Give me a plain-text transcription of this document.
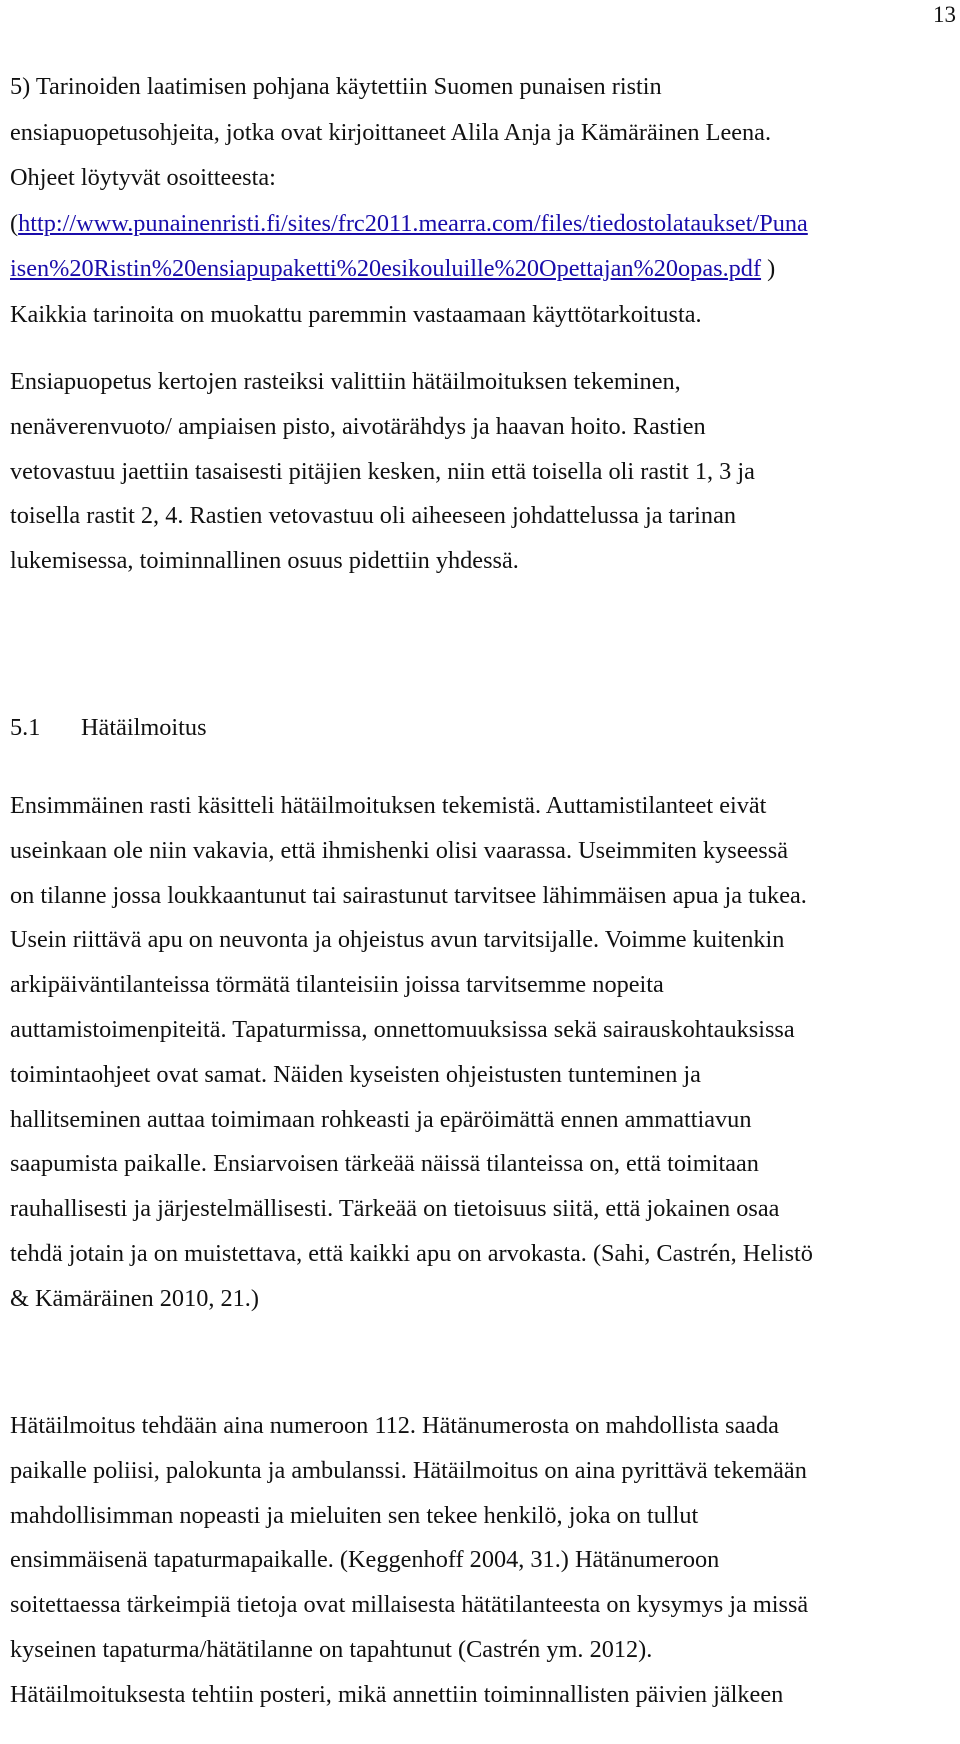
13

5) Tarinoiden laatimisen pohjana käytettiin Suomen punaisen ristin
ensiapuopetusohjeita, jotka ovat kirjoittaneet Alila Anja ja Kämäräinen Leena.
Ohjeet löytyvät osoitteesta:
(http://www.punainenristi.fi/sites/frc2011.mearra.com/files/tiedostolataukset/Puna
isen%20Ristin%20ensiapupaketti%20esikouluille%20Opettajan%20opas.pdf )
Kaikkia tarinoita on muokattu paremmin vastaamaan käyttötarkoitusta.

Ensiapuopetus kertojen rasteiksi valittiin hätäilmoituksen tekeminen,
nenäverenvuoto/ ampiaisen pisto, aivotärähdys ja haavan hoito. Rastien
vetovastuu jaettiin tasaisesti pitäjien kesken, niin että toisella oli rastit 1, 3 ja
toisella rastit 2, 4. Rastien vetovastuu oli aiheeseen johdattelussa ja tarinan
lukemisessa, toiminnallinen osuus pidettiin yhdessä.

5.1 Hätäilmoitus

Ensimmäinen rasti käsitteli hätäilmoituksen tekemistä. Auttamistilanteet eivät
useinkaan ole niin vakavia, että ihmishenki olisi vaarassa. Useimmiten kyseessä
on tilanne jossa loukkaantunut tai sairastunut tarvitsee lähimmäisen apua ja tukea.
Usein riittävä apu on neuvonta ja ohjeistus avun tarvitsijalle. Voimme kuitenkin
arkipäiväntilanteissa törmätä tilanteisiin joissa tarvitsemme nopeita
auttamistoimenpiteitä. Tapaturmissa, onnettomuuksissa sekä sairauskohtauksissa
toimintaohjeet ovat samat. Näiden kyseisten ohjeistusten tunteminen ja
hallitseminen auttaa toimimaan rohkeasti ja epäröimättä ennen ammattiavun
saapumista paikalle. Ensiarvoisen tärkeää näissä tilanteissa on, että toimitaan
rauhallisesti ja järjestelmällisesti. Tärkeää on tietoisuus siitä, että jokainen osaa
tehdä jotain ja on muistettava, että kaikki apu on arvokasta. (Sahi, Castrén, Helistö
& Kämäräinen 2010, 21.)

Hätäilmoitus tehdään aina numeroon 112. Hätänumerosta on mahdollista saada
paikalle poliisi, palokunta ja ambulanssi. Hätäilmoitus on aina pyrittävä tekemään
mahdollisimman nopeasti ja mieluiten sen tekee henkilö, joka on tullut
ensimmäisenä tapaturmapaikalle. (Keggenhoff 2004, 31.) Hätänumeroon
soitettaessa tärkeimpiä tietoja ovat millaisesta hätätilanteesta on kysymys ja missä
kyseinen tapaturma/hätätilanne on tapahtunut (Castrén ym. 2012).
Hätäilmoituksesta tehtiin posteri, mikä annettiin toiminnallisten päivien jälkeen
